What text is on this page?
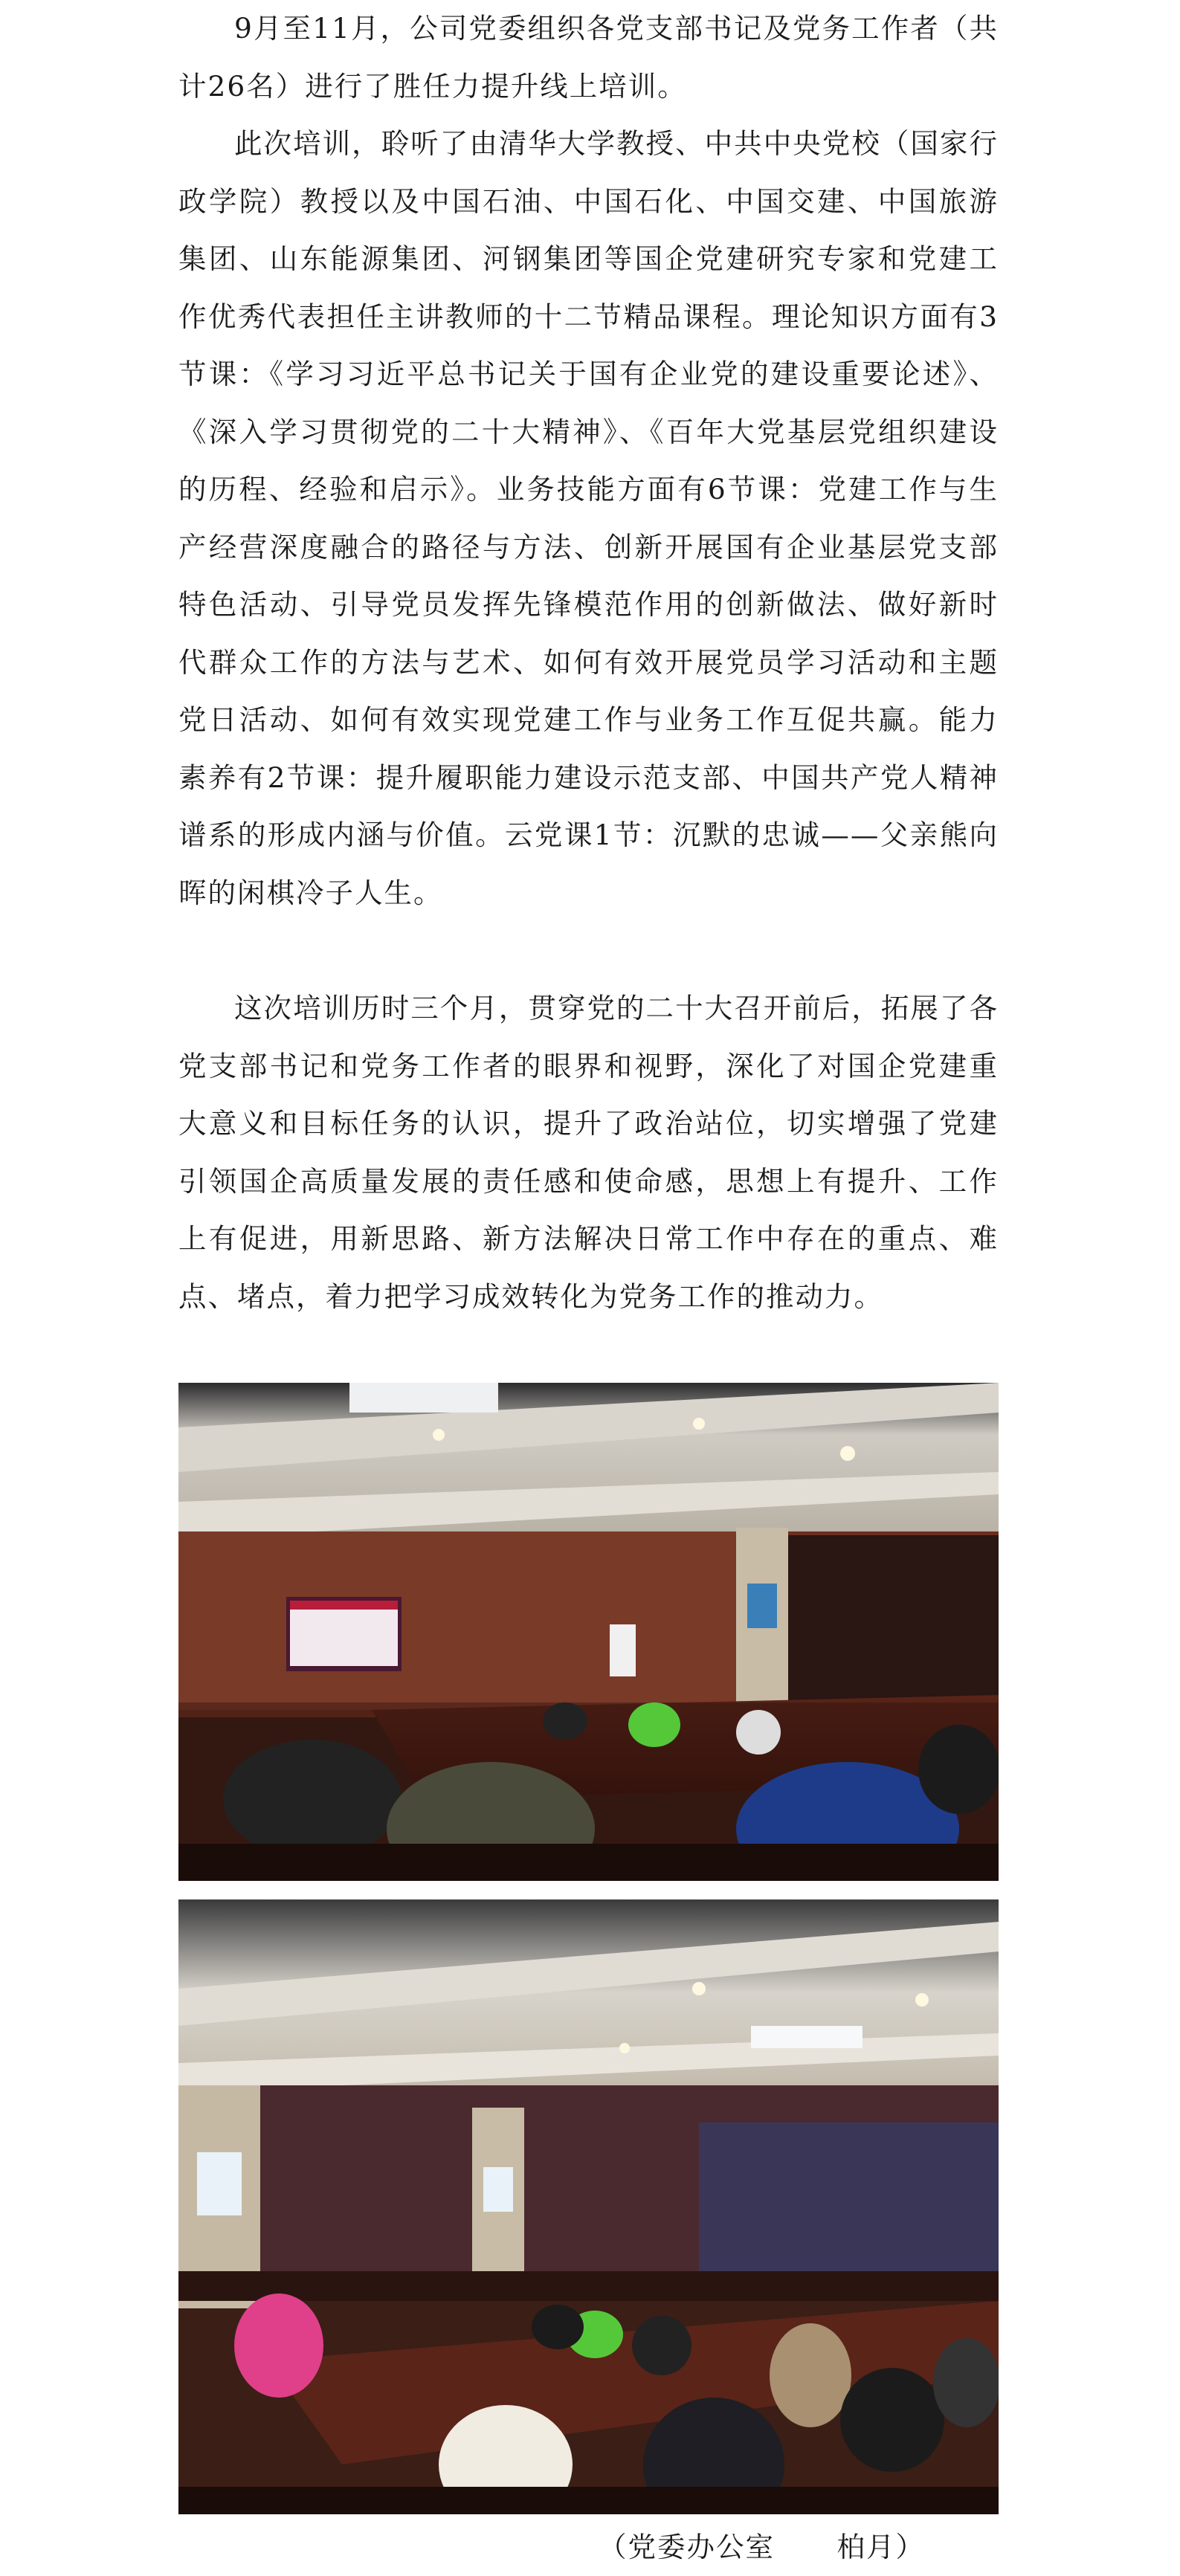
9月至11月，公司党委组织各党支部书记及党务工作者（共计26名）进行了胜任力提升线上培训。

此次培训，聆听了由清华大学教授、中共中央党校（国家行政学院）教授以及中国石油、中国石化、中国交建、中国旅游集团、山东能源集团、河钢集团等国企党建研究专家和党建工作优秀代表担任主讲教师的十二节精品课程。理论知识方面有3节课：《学习习近平总书记关于国有企业党的建设重要论述》、《深入学习贯彻党的二十大精神》、《百年大党基层党组织建设的历程、经验和启示》。业务技能方面有6节课：党建工作与生产经营深度融合的路径与方法、创新开展国有企业基层党支部特色活动、引导党员发挥先锋模范作用的创新做法、做好新时代群众工作的方法与艺术、如何有效开展党员学习活动和主题党日活动、如何有效实现党建工作与业务工作互促共赢。能力素养有2节课：提升履职能力建设示范支部、中国共产党人精神谱系的形成内涵与价值。云党课1节：沉默的忠诚——父亲熊向晖的闲棋冷子人生。

这次培训历时三个月，贯穿党的二十大召开前后，拓展了各党支部书记和党务工作者的眼界和视野，深化了对国企党建重大意义和目标任务的认识，提升了政治站位，切实增强了党建引领国企高质量发展的责任感和使命感，思想上有提升、工作上有促进，用新思路、新方法解决日常工作中存在的重点、难点、堵点，着力把学习成效转化为党务工作的推动力。

（党委办公室      柏月）
